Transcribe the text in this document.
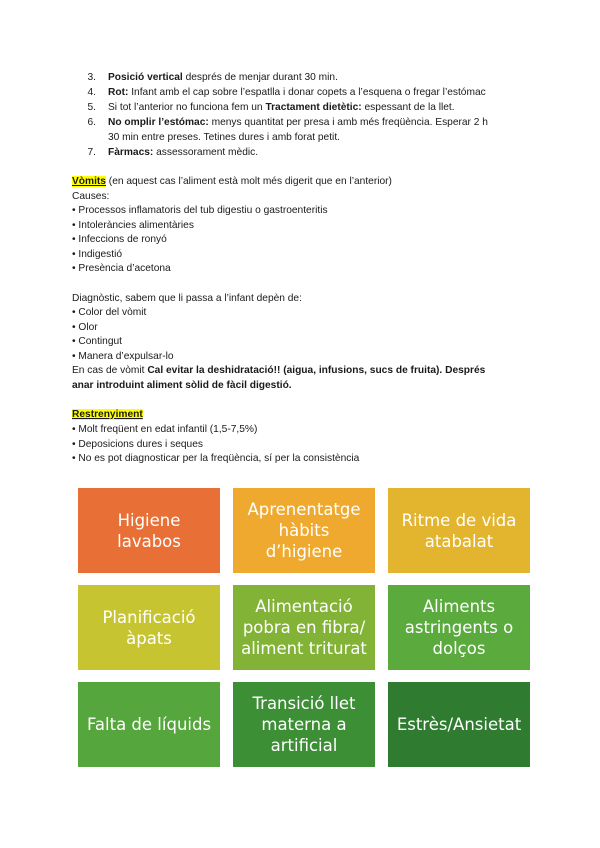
3. Posició vertical després de menjar durant 30 min.
4. Rot: Infant amb el cap sobre l’espatlla i donar copets a l’esquena o fregar l’estómac
5. Si tot l’anterior no funciona fem un Tractament dietètic: espessant de la llet.
6. No omplir l’estómac: menys quantitat per presa i amb més freqüència. Esperar 2 h
30 min entre preses. Tetines dures i amb forat petit.
7. Fàrmacs: assessorament mèdic.
Vòmits (en aquest cas l’aliment està molt més digerit que en l’anterior)
Causes:
• Processos inflamatoris del tub digestiu o gastroenteritis
• Intoleràncies alimentàries
• Infeccions de ronyó
• Indigestió
• Presència d’acetona
Diagnòstic, sabem que li passa a l’infant depèn de:
• Color del vòmit
• Olor
• Contingut
• Manera d’expulsar-lo
En cas de vòmit Cal evitar la deshidratació!! (aigua, infusions, sucs de fruita). Després
anar introduint aliment sòlid de fàcil digestió.
Restrenyiment
• Molt freqüent en edat infantil (1,5-7,5%)
• Deposicions dures i seques
• No es pot diagnosticar per la freqüència, sí per la consistència
Higiene lavabos
Aprenentatge hàbits d’higiene
Ritme de vida atabalat
Planificació àpats
Alimentació pobra en fibra/ aliment triturat
Aliments astringents o dolços
Falta de líquids
Transició llet materna a artificial
Estrès/Ansietat
